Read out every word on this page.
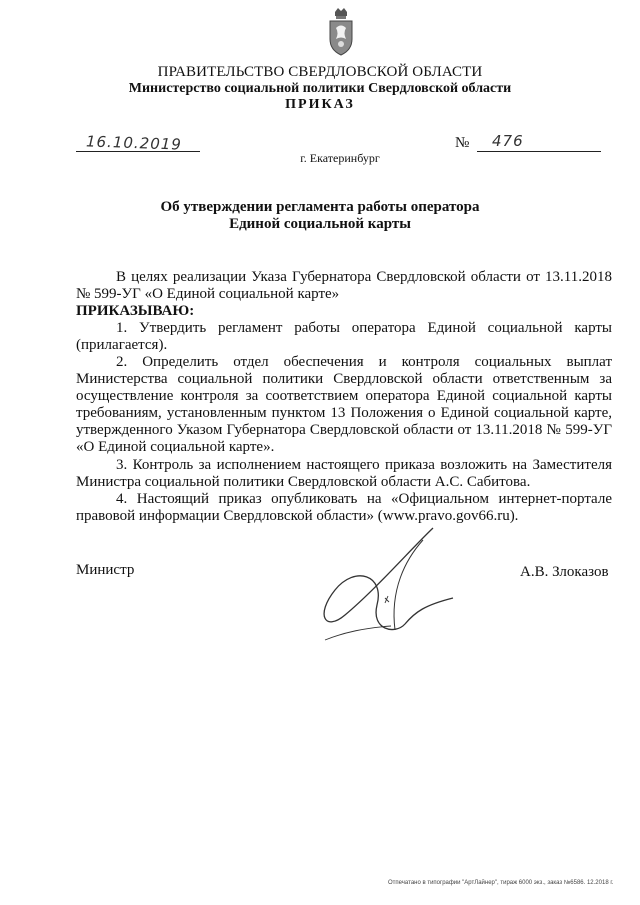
ПРАВИТЕЛЬСТВО СВЕРДЛОВСКОЙ ОБЛАСТИ
Министерство социальной политики Свердловской области
ПРИКАЗ
16.10.2019	№ 476
г. Екатеринбург
Об утверждении регламента работы оператора
Единой социальной карты
В целях реализации Указа Губернатора Свердловской области от 13.11.2018 № 599-УГ «О Единой социальной карте»
ПРИКАЗЫВАЮ:
1. Утвердить регламент работы оператора Единой социальной карты (прилагается).
2. Определить отдел обеспечения и контроля социальных выплат Министерства социальной политики Свердловской области ответственным за осуществление контроля за соответствием оператора Единой социальной карты требованиям, установленным пунктом 13 Положения о Единой социальной карте, утвержденного Указом Губернатора Свердловской области от 13.11.2018 № 599-УГ «О Единой социальной карте».
3. Контроль за исполнением настоящего приказа возложить на Заместителя Министра социальной политики Свердловской области А.С. Сабитова.
4. Настоящий приказ опубликовать на «Официальном интернет-портале правовой информации Свердловской области» (www.pravo.gov66.ru).
Министр	А.В. Злоказов
Отпечатано в типографии "АртЛайнер", тираж 6000 экз., заказ №6586. 12.2018 г.
